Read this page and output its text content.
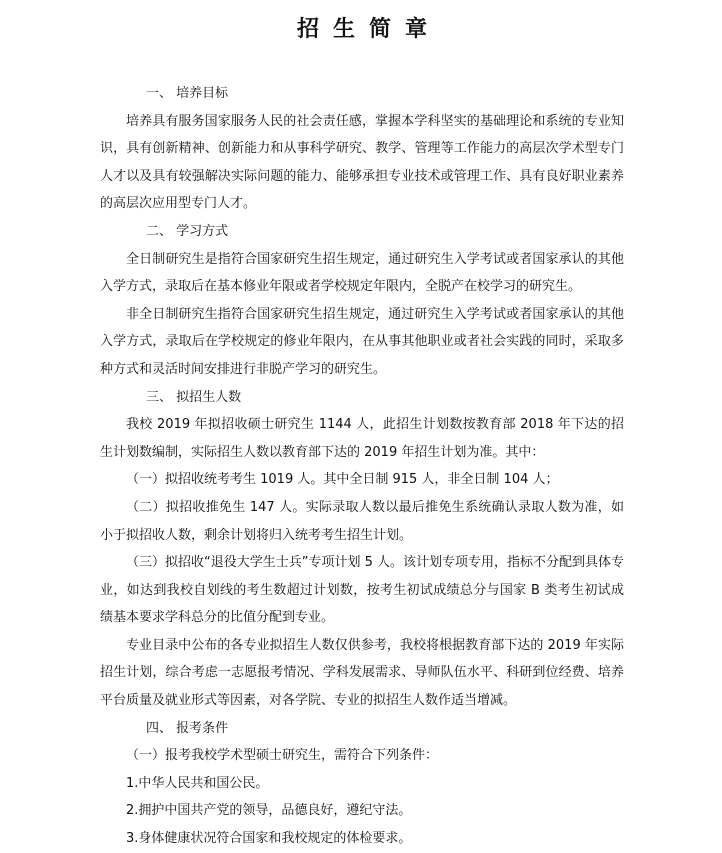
招生简章

一、 培养目标

培养具有服务国家服务人民的社会责任感，掌握本学科坚实的基础理论和系统的专业知识，具有创新精神、创新能力和从事科学研究、教学、管理等工作能力的高层次学术型专门人才以及具有较强解决实际问题的能力、能够承担专业技术或管理工作、具有良好职业素养的高层次应用型专门人才。

二、 学习方式

全日制研究生是指符合国家研究生招生规定，通过研究生入学考试或者国家承认的其他入学方式，录取后在基本修业年限或者学校规定年限内，全脱产在校学习的研究生。

非全日制研究生指符合国家研究生招生规定，通过研究生入学考试或者国家承认的其他入学方式，录取后在学校规定的修业年限内，在从事其他职业或者社会实践的同时，采取多种方式和灵活时间安排进行非脱产学习的研究生。

三、 拟招生人数

我校 2019 年拟招收硕士研究生 1144 人，此招生计划数按教育部 2018 年下达的招生计划数编制，实际招生人数以教育部下达的 2019 年招生计划为准。其中：

（一）拟招收统考考生 1019 人。其中全日制 915 人，非全日制 104 人；

（二）拟招收推免生 147 人。实际录取人数以最后推免生系统确认录取人数为准，如小于拟招收人数，剩余计划将归入统考考生招生计划。

（三）拟招收“退役大学生士兵”专项计划 5 人。该计划专项专用，指标不分配到具体专业，如达到我校自划线的考生数超过计划数，按考生初试成绩总分与国家 B 类考生初试成绩基本要求学科总分的比值分配到专业。

专业目录中公布的各专业拟招生人数仅供参考，我校将根据教育部下达的 2019 年实际招生计划，综合考虑一志愿报考情况、学科发展需求、导师队伍水平、科研到位经费、培养平台质量及就业形式等因素，对各学院、专业的拟招生人数作适当增减。

四、 报考条件

（一）报考我校学术型硕士研究生，需符合下列条件：

1.中华人民共和国公民。

2.拥护中国共产党的领导，品德良好，遵纪守法。

3.身体健康状况符合国家和我校规定的体检要求。
